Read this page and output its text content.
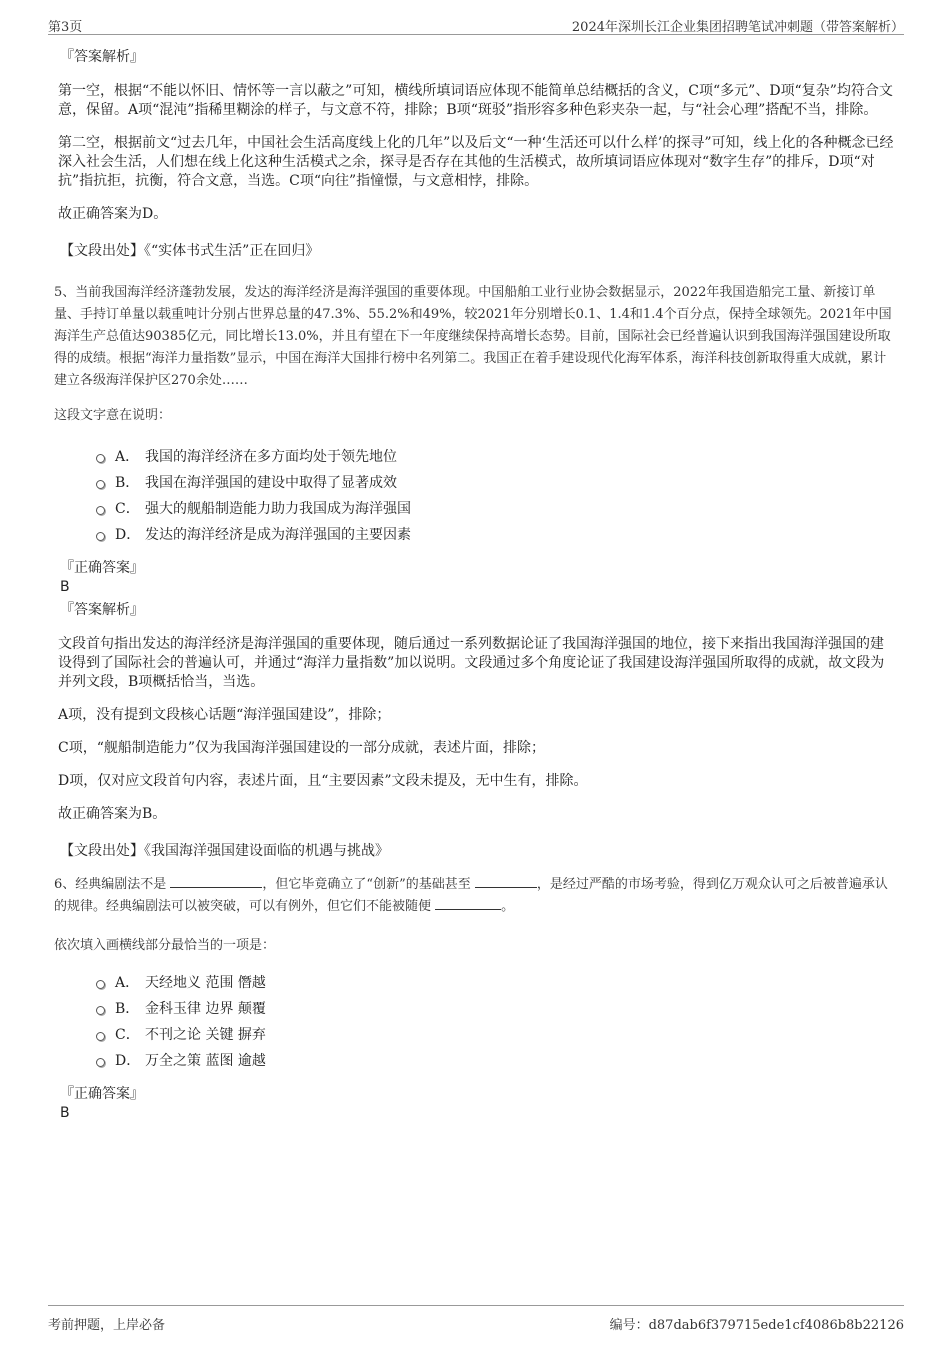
第3页	2024年深圳长江企业集团招聘笔试冲刺题（带答案解析）
『答案解析』
第一空，根据“不能以怀旧、情怀等一言以蔽之”可知，横线所填词语应体现不能简单总结概括的含义，C项“多元”、D项“复杂”均符合文意，保留。A项“混沌”指稀里糊涂的样子，与文意不符，排除；B项“斑驳”指形容多种色彩夹杂一起，与“社会心理”搭配不当，排除。
第二空，根据前文“过去几年，中国社会生活高度线上化的几年”以及后文“一种‘生活还可以什么样’的探寻”可知，线上化的各种概念已经深入社会生活，人们想在线上化这种生活模式之余，探寻是否存在其他的生活模式，故所填词语应体现对“数字生存”的排斥，D项“对抗”指抗拒，抗衡，符合文意，当选。C项“向往”指憧憬，与文意相悖，排除。
故正确答案为D。
【文段出处】《“实体书式生活”正在回归》
5、当前我国海洋经济蓬勃发展，发达的海洋经济是海洋强国的重要体现。中国船舶工业行业协会数据显示，2022年我国造船完工量、新接订单量、手持订单量以载重吨计分别占世界总量的47.3%、55.2%和49%，较2021年分别增长0.1、1.4和1.4个百分点，保持全球领先。2021年中国海洋生产总值达90385亿元，同比增长13.0%，并且有望在下一年度继续保持高增长态势。目前，国际社会已经普遍认识到我国海洋强国建设所取得的成绩。根据“海洋力量指数”显示，中国在海洋大国排行榜中名列第二。我国正在着手建设现代化海军体系，海洋科技创新取得重大成就，累计建立各级海洋保护区270余处……
这段文字意在说明：
A． 我国的海洋经济在多方面均处于领先地位
B． 我国在海洋强国的建设中取得了显著成效
C． 强大的舰船制造能力助力我国成为海洋强国
D． 发达的海洋经济是成为海洋强国的主要因素
『正确答案』
B
『答案解析』
文段首句指出发达的海洋经济是海洋强国的重要体现，随后通过一系列数据论证了我国海洋强国的地位，接下来指出我国海洋强国的建设得到了国际社会的普遍认可，并通过“海洋力量指数”加以说明。文段通过多个角度论证了我国建设海洋强国所取得的成就，故文段为并列文段，B项概括恰当，当选。
A项，没有提到文段核心话题“海洋强国建设”，排除；
C项，“舰船制造能力”仅为我国海洋强国建设的一部分成就，表述片面，排除；
D项，仅对应文段首句内容，表述片面，且“主要因素”文段未提及，无中生有，排除。
故正确答案为B。
【文段出处】《我国海洋强国建设面临的机遇与挑战》
6、经典编剧法不是	，但它毕竟确立了“创新”的基础甚至	，是经过严酷的市场考验，得到亿万观众认可之后被普遍承认的规律。经典编剧法可以被突破，可以有例外，但它们不能被随便	。
依次填入画横线部分最恰当的一项是：
A． 天经地义 范围 僭越
B． 金科玉律 边界 颠覆
C． 不刊之论 关键 摒弃
D． 万全之策 蓝图 逾越
『正确答案』
B
考前押题，上岸必备	编号：d87dab6f379715ede1cf4086b8b22126
